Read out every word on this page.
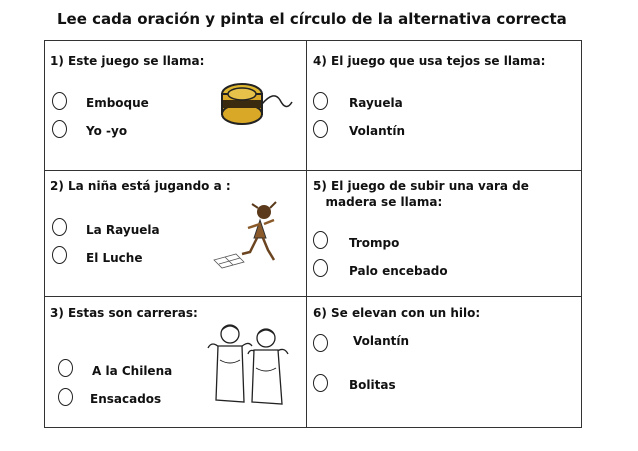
Lee cada oración y pinta el círculo de la alternativa correcta
1) Este juego se llama:
Emboque
Yo -yo
2) La niña está jugando a :
La Rayuela
El Luche
3) Estas son carreras:
A la Chilena
Ensacados
4) El juego que usa tejos se llama:
Rayuela
Volantín
5) El juego de subir una vara de
madera se llama:
Trompo
Palo encebado
6) Se elevan con un hilo:
Volantín
Bolitas
